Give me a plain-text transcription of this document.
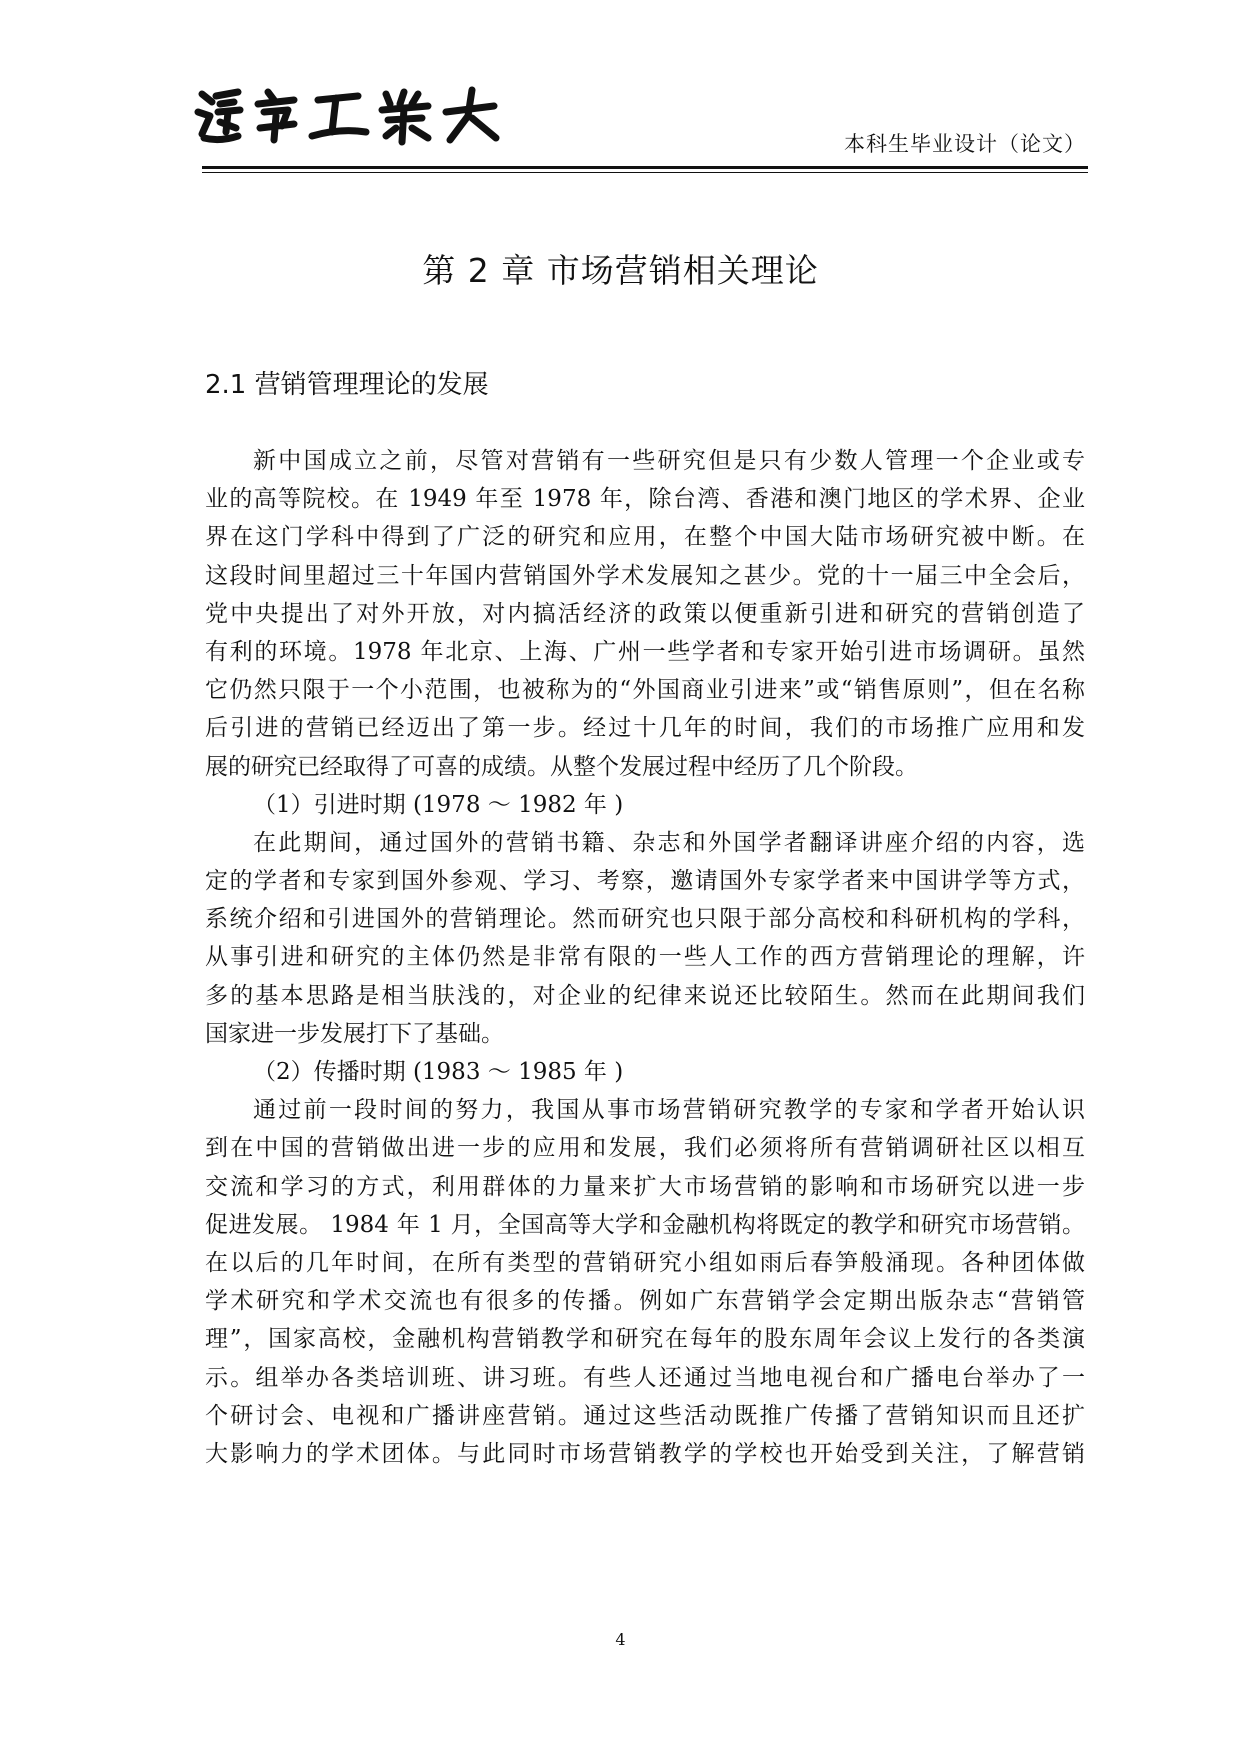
遼寧工業大學	本科生毕业设计（论文）
第 2 章 市场营销相关理论
2.1 营销管理理论的发展
新中国成立之前，尽管对营销有一些研究但是只有少数人管理一个企业或专
业的高等院校。在 1949 年至 1978 年，除台湾、香港和澳门地区的学术界、企业
界在这门学科中得到了广泛的研究和应用，在整个中国大陆市场研究被中断。在
这段时间里超过三十年国内营销国外学术发展知之甚少。党的十一届三中全会后，
党中央提出了对外开放，对内搞活经济的政策以便重新引进和研究的营销创造了
有利的环境。1978 年北京、上海、广州一些学者和专家开始引进市场调研。虽然
它仍然只限于一个小范围，也被称为的“外国商业引进来”或“销售原则”，但在名称
后引进的营销已经迈出了第一步。经过十几年的时间，我们的市场推广应用和发
展的研究已经取得了可喜的成绩。从整个发展过程中经历了几个阶段。
（1）引进时期 (1978 ～ 1982 年 )
在此期间，通过国外的营销书籍、杂志和外国学者翻译讲座介绍的内容，选
定的学者和专家到国外参观、学习、考察，邀请国外专家学者来中国讲学等方式，
系统介绍和引进国外的营销理论。然而研究也只限于部分高校和科研机构的学科，
从事引进和研究的主体仍然是非常有限的一些人工作的西方营销理论的理解，许
多的基本思路是相当肤浅的，对企业的纪律来说还比较陌生。然而在此期间我们
国家进一步发展打下了基础。
（2）传播时期 (1983 ～ 1985 年 )
通过前一段时间的努力，我国从事市场营销研究教学的专家和学者开始认识
到在中国的营销做出进一步的应用和发展，我们必须将所有营销调研社区以相互
交流和学习的方式，利用群体的力量来扩大市场营销的影响和市场研究以进一步
促进发展。 1984 年 1 月，全国高等大学和金融机构将既定的教学和研究市场营销。
在以后的几年时间，在所有类型的营销研究小组如雨后春笋般涌现。各种团体做
学术研究和学术交流也有很多的传播。例如广东营销学会定期出版杂志“营销管
理”，国家高校，金融机构营销教学和研究在每年的股东周年会议上发行的各类演
示。组举办各类培训班、讲习班。有些人还通过当地电视台和广播电台举办了一
个研讨会、电视和广播讲座营销。通过这些活动既推广传播了营销知识而且还扩
大影响力的学术团体。与此同时市场营销教学的学校也开始受到关注，了解营销
4
